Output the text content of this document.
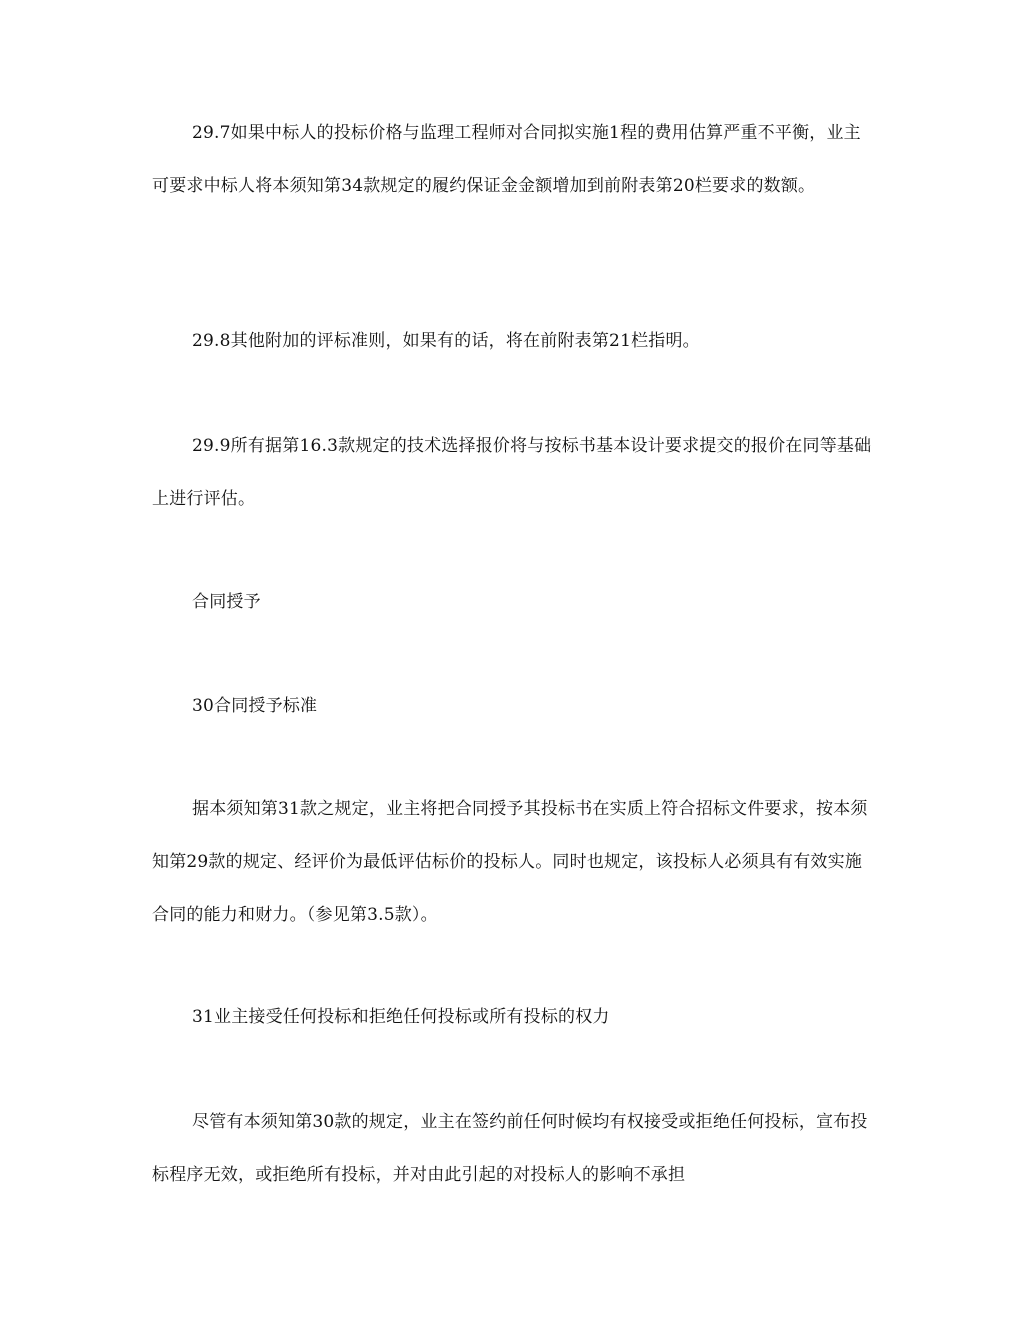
29.7如果中标人的投标价格与监理工程师对合同拟实施1程的费用估算严重不平衡，业主可要求中标人将本须知第34款规定的履约保证金金额增加到前附表第20栏要求的数额。

29.8其他附加的评标准则，如果有的话，将在前附表第21栏指明。

29.9所有据第16.3款规定的技术选择报价将与按标书基本设计要求提交的报价在同等基础上进行评估。

合同授予

30合同授予标准

据本须知第31款之规定，业主将把合同授予其投标书在实质上符合招标文件要求，按本须知第29款的规定、经评价为最低评估标价的投标人。同时也规定，该投标人必须具有有效实施合同的能力和财力。（参见第3.5款）。

31业主接受任何投标和拒绝任何投标或所有投标的权力

尽管有本须知第30款的规定，业主在签约前任何时候均有权接受或拒绝任何投标，宣布投标程序无效，或拒绝所有投标，并对由此引起的对投标人的影响不承担
